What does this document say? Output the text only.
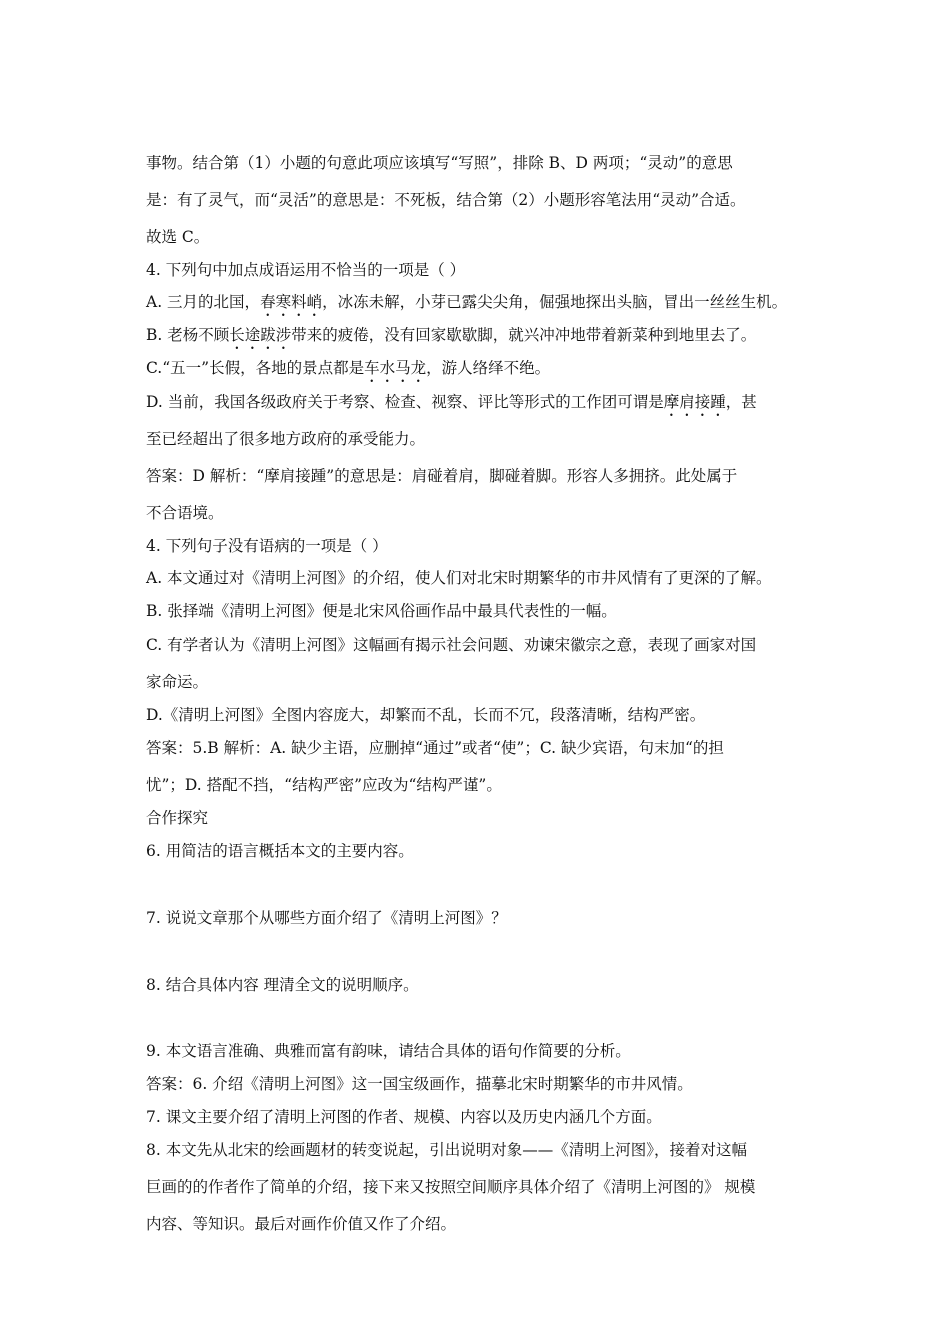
事物。结合第（1）小题的句意此项应该填写“写照”，排除 B、D 两项；“灵动”的意思

是：有了灵气，而“灵活”的意思是：不死板，结合第（2）小题形容笔法用“灵动”合适。

故选 C。

4. 下列句中加点成语运用不恰当的一项是（ ）

A. 三月的北国，春寒料峭，冰冻未解，小芽已露尖尖角，倔强地探出头脑，冒出一丝丝生机。

B. 老杨不顾长途跋涉带来的疲倦，没有回家歇歇脚，就兴冲冲地带着新菜种到地里去了。

C.“五一”长假，各地的景点都是车水马龙，游人络绎不绝。

D. 当前，我国各级政府关于考察、检查、视察、评比等形式的工作团可谓是摩肩接踵，甚

至已经超出了很多地方政府的承受能力。

答案：D 解析：“摩肩接踵”的意思是：肩碰着肩，脚碰着脚。形容人多拥挤。此处属于

不合语境。

4. 下列句子没有语病的一项是（ ）

A. 本文通过对《清明上河图》的介绍，使人们对北宋时期繁华的市井风情有了更深的了解。

B. 张择端《清明上河图》便是北宋风俗画作品中最具代表性的一幅。

C. 有学者认为《清明上河图》这幅画有揭示社会问题、劝谏宋徽宗之意，表现了画家对国

家命运。

D.《清明上河图》全图内容庞大，却繁而不乱，长而不冗，段落清晰，结构严密。

答案：5.B 解析：A. 缺少主语，应删掉“通过”或者“使”；C. 缺少宾语，句末加“的担

忧”；D. 搭配不挡，“结构严密”应改为“结构严谨”。

合作探究

6. 用简洁的语言概括本文的主要内容。

7. 说说文章那个从哪些方面介绍了《清明上河图》？

8. 结合具体内容 理清全文的说明顺序。

9. 本文语言准确、典雅而富有韵味，请结合具体的语句作简要的分析。

答案：6. 介绍《清明上河图》这一国宝级画作，描摹北宋时期繁华的市井风情。

7. 课文主要介绍了清明上河图的作者、规模、内容以及历史内涵几个方面。

8. 本文先从北宋的绘画题材的转变说起，引出说明对象——《清明上河图》，接着对这幅

巨画的的作者作了简单的介绍，接下来又按照空间顺序具体介绍了《清明上河图的》 规模

内容、等知识。最后对画作价值又作了介绍。
